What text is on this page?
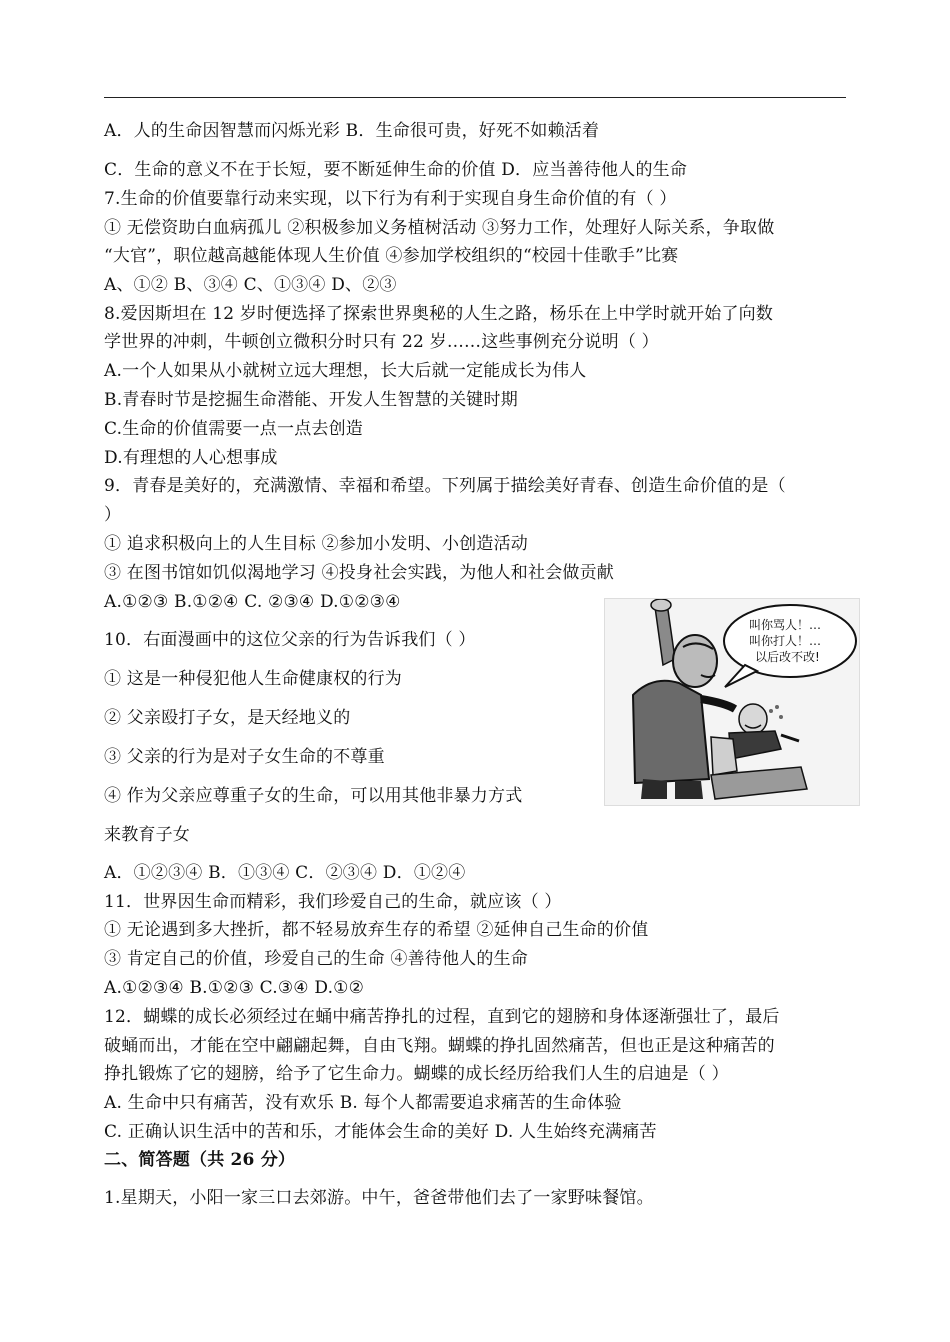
A．人的生命因智慧而闪烁光彩 B．生命很可贵，好死不如赖活着
C．生命的意义不在于长短，要不断延伸生命的价值 D．应当善待他人的生命
7.生命的价值要靠行动来实现，以下行为有利于实现自身生命价值的有（ ）
① 无偿资助白血病孤儿 ②积极参加义务植树活动 ③努力工作，处理好人际关系，争取做
“大官”，职位越高越能体现人生价值 ④参加学校组织的“校园十佳歌手”比赛
A、①② B、③④ C、①③④ D、②③
8.爱因斯坦在 12 岁时便选择了探索世界奥秘的人生之路，杨乐在上中学时就开始了向数
学世界的冲刺，牛顿创立微积分时只有 22 岁……这些事例充分说明（ ）
A.一个人如果从小就树立远大理想，长大后就一定能成长为伟人
B.青春时节是挖掘生命潜能、开发人生智慧的关键时期
C.生命的价值需要一点一点去创造
D.有理想的人心想事成
9．青春是美好的，充满激情、幸福和希望。下列属于描绘美好青春、创造生命价值的是（
）
① 追求积极向上的人生目标 ②参加小发明、小创造活动
③ 在图书馆如饥似渴地学习 ④投身社会实践，为他人和社会做贡献
A.①②③ B.①②④ C. ②③④ D.①②③④
10．右面漫画中的这位父亲的行为告诉我们（ ）
① 这是一种侵犯他人生命健康权的行为
② 父亲殴打子女，是天经地义的
③ 父亲的行为是对子女生命的不尊重
④ 作为父亲应尊重子女的生命，可以用其他非暴力方式
来教育子女
A．①②③④ B．①③④ C．②③④ D．①②④
11．世界因生命而精彩，我们珍爱自己的生命，就应该（ ）
① 无论遇到多大挫折，都不轻易放弃生存的希望 ②延伸自己生命的价值
③ 肯定自己的价值，珍爱自己的生命 ④善待他人的生命
A.①②③④ B.①②③ C.③④ D.①②
12．蝴蝶的成长必须经过在蛹中痛苦挣扎的过程，直到它的翅膀和身体逐渐强壮了，最后
破蛹而出，才能在空中翩翩起舞，自由飞翔。蝴蝶的挣扎固然痛苦，但也正是这种痛苦的
挣扎锻炼了它的翅膀，给予了它生命力。蝴蝶的成长经历给我们人生的启迪是（ ）
A. 生命中只有痛苦，没有欢乐 B. 每个人都需要追求痛苦的生命体验
C. 正确认识生活中的苦和乐，才能体会生命的美好 D. 人生始终充满痛苦
二、简答题（共 26 分）
1.星期天，小阳一家三口去郊游。中午，爸爸带他们去了一家野味餐馆。
叫你骂人！…
叫你打人！…
以后改不改!
